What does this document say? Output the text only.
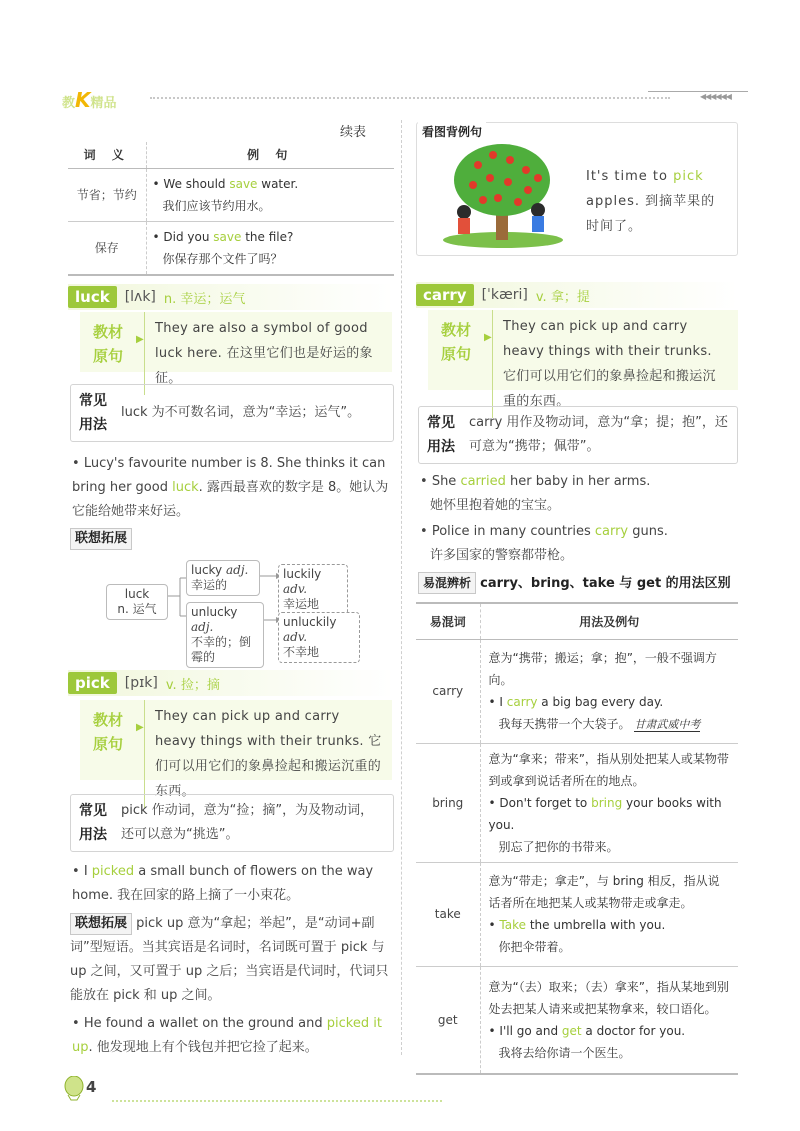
教K精品	◀◀◀◀◀◀
续表
词 义	例 句
节省；节约	• We should save water.
我们应该节约用水。

保存	• Did you save the file?
你保存那个文件了吗？
luck	[lʌk] n. 幸运；运气
教材
原句
▶
They are also a symbol of good luck here. 在这里它们也是好运的象征。
常见
用法
luck 为不可数名词，意为“幸运；运气”。
• Lucy's favourite number is 8. She thinks it can bring her good luck. 露西最喜欢的数字是 8。她认为它能给她带来好运。
联想拓展
luck
n. 运气
lucky adj.
幸运的
luckily adv.
幸运地
unlucky adj.
不幸的；倒霉的
unluckily adv.
不幸地
pick	[pɪk] v. 捡；摘
教材
原句
▶
They can pick up and carry heavy things with their trunks. 它们可以用它们的象鼻捡起和搬运沉重的东西。
常见
用法
pick 作动词，意为“捡；摘”，为及物动词，还可以意为“挑选”。
• I picked a small bunch of flowers on the way home. 我在回家的路上摘了一小束花。
联想拓展 pick up 意为“拿起；举起”，是“动词+副词”型短语。当其宾语是名词时，名词既可置于 pick 与 up 之间，又可置于 up 之后；当宾语是代词时，代词只能放在 pick 和 up 之间。
• He found a wallet on the ground and picked it up. 他发现地上有个钱包并把它捡了起来。
看图背例句
It's time to pick apples. 到摘苹果的时间了。
carry	[ˈkæri] v. 拿；提
教材
原句
▶
They can pick up and carry heavy things with their trunks. 它们可以用它们的象鼻捡起和搬运沉重的东西。
常见
用法
carry 用作及物动词，意为“拿；提；抱”，还可意为“携带；佩带”。
• She carried her baby in her arms.
她怀里抱着她的宝宝。
• Police in many countries carry guns.
许多国家的警察都带枪。
易混辨析 carry、bring、take 与 get 的用法区别
易混词	用法及例句
carry	意为“携带；搬运；拿；抱”，一般不强调方向。
• I carry a big bag every day.
我每天携带一个大袋子。 甘肃武威中考

bring	意为“拿来；带来”，指从别处把某人或某物带到或拿到说话者所在的地点。
• Don't forget to bring your books with you.
别忘了把你的书带来。

take	意为“带走；拿走”，与 bring 相反，指从说话者所在地把某人或某物带走或拿走。
• Take the umbrella with you.
你把伞带着。

get	意为“（去）取来；（去）拿来”，指从某地到别处去把某人请来或把某物拿来，较口语化。
• I'll go and get a doctor for you.
我将去给你请一个医生。
4
